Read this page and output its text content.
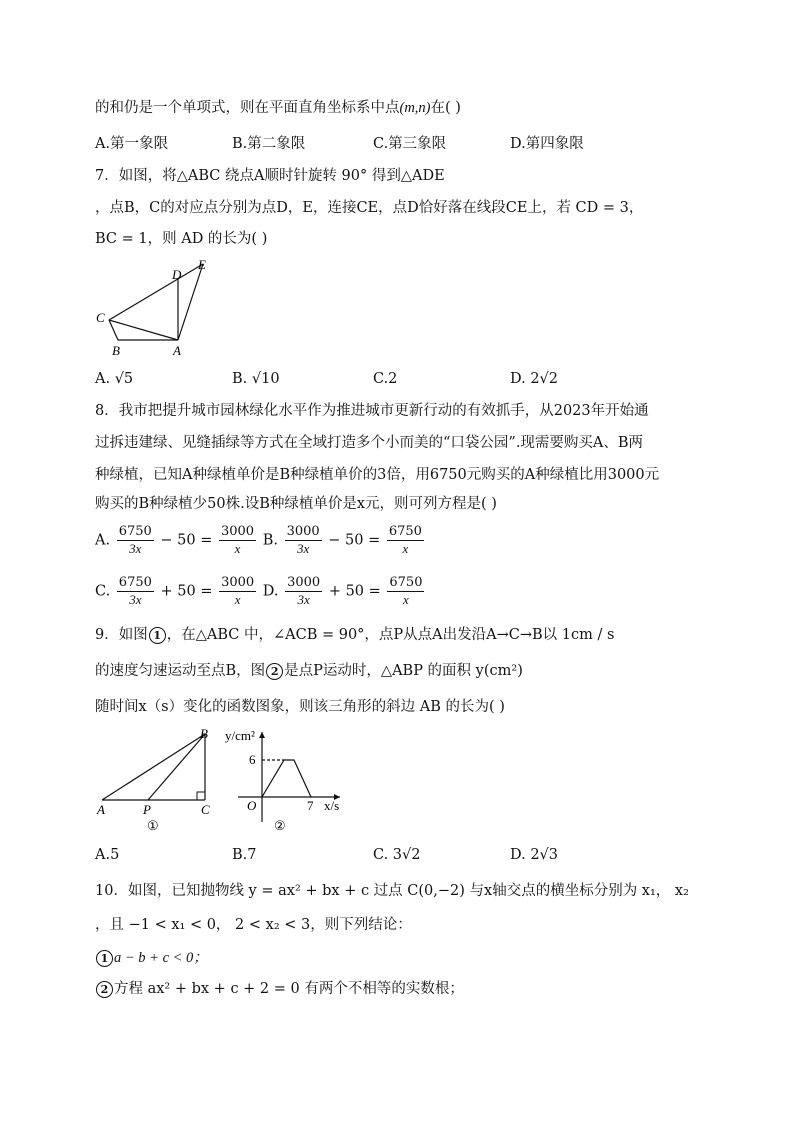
的和仍是一个单项式，则在平面直角坐标系中点(m,n)在( )
A.第一象限	B.第二象限	C.第三象限	D.第四象限
7．如图，将△ABC 绕点A顺时针旋转 90° 得到△ADE
，点B，C的对应点分别为点D，E，连接CE，点D恰好落在线段CE上，若 CD = 3，
BC = 1，则 AD 的长为( )
D
E
C
B	A
A. √5	B. √10	C.2	D. 2√2
8．我市把提升城市园林绿化水平作为推进城市更新行动的有效抓手，从2023年开始通
过拆违建绿、见缝插绿等方式在全域打造多个小而美的“口袋公园”.现需要购买A、B两
种绿植，已知A种绿植单价是B种绿植单价的3倍，用6750元购买的A种绿植比用3000元
购买的B种绿植少50株.设B种绿植单价是x元，则可列方程是( )
A. $\frac{6750}{3x} - 50 = \frac{3000}{x} B$. $\frac{3000}{3x} - 50 = \frac{6750}{x}$
C. $\frac{6750}{3x} + 50 = \frac{3000}{x} D$. $\frac{3000}{3x} + 50 = \frac{6750}{x}$
9．如图 1 ，在△ABC 中，∠ACB = 90°，点P从点A出发沿A→C→B以 1cm / s
的速度匀速运动至点B，图 2 是点P运动时，△ABP 的面积 y(cm²)
随时间x（s）变化的函数图象，则该三角形的斜边 AB 的长为( )
B
A	P	C
①
y/cm²
6
O	7 x/s
②
A.5	B.7	C. 3√2	D. 2√3
10．如图，已知抛物线 y = ax² + bx + c 过点 C(0,−2) 与x轴交点的横坐标分别为 x₁， x₂
，且 −1 < x₁ < 0， 2 < x₂ < 3，则下列结论：
1 a − b + c < 0；
2 方程 ax² + bx + c + 2 = 0 有两个不相等的实数根；
